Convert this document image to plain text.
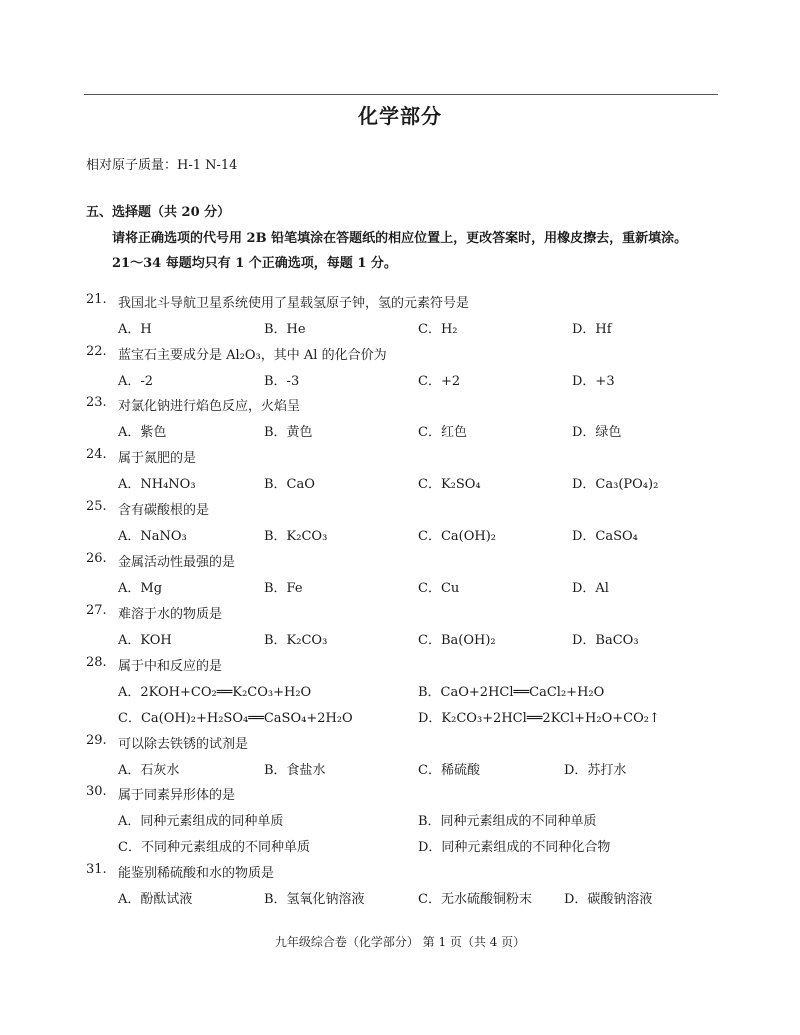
化学部分
相对原子质量：H-1 N-14
五、选择题（共 20 分）
请将正确选项的代号用 2B 铅笔填涂在答题纸的相应位置上，更改答案时，用橡皮擦去，重新填涂。
21～34 每题均只有 1 个正确选项，每题 1 分。
21. 我国北斗导航卫星系统使用了星载氢原子钟，氢的元素符号是
A．H	B．He	C．H₂	D．Hf
22. 蓝宝石主要成分是 Al₂O₃，其中 Al 的化合价为
A．-2	B．-3	C．+2	D．+3
23. 对氯化钠进行焰色反应，火焰呈
A．紫色	B．黄色	C．红色	D．绿色
24. 属于氮肥的是
A．NH₄NO₃	B．CaO	C．K₂SO₄	D．Ca₃(PO₄)₂
25. 含有碳酸根的是
A．NaNO₃	B．K₂CO₃	C．Ca(OH)₂	D．CaSO₄
26. 金属活动性最强的是
A．Mg	B．Fe	C．Cu	D．Al
27. 难溶于水的物质是
A．KOH	B．K₂CO₃	C．Ba(OH)₂	D．BaCO₃
28. 属于中和反应的是
A．2KOH+CO₂══K₂CO₃+H₂O	B．CaO+2HCl══CaCl₂+H₂O
C．Ca(OH)₂+H₂SO₄══CaSO₄+2H₂O	D．K₂CO₃+2HCl══2KCl+H₂O+CO₂↑
29. 可以除去铁锈的试剂是
A．石灰水	B．食盐水	C．稀硫酸	D．苏打水
30. 属于同素异形体的是
A．同种元素组成的同种单质	B．同种元素组成的不同种单质
C．不同种元素组成的不同种单质	D．同种元素组成的不同种化合物
31. 能鉴别稀硫酸和水的物质是
A．酚酞试液	B．氢氧化钠溶液	C．无水硫酸铜粉末 D．碳酸钠溶液
九年级综合卷（化学部分） 第 1 页（共 4 页）
